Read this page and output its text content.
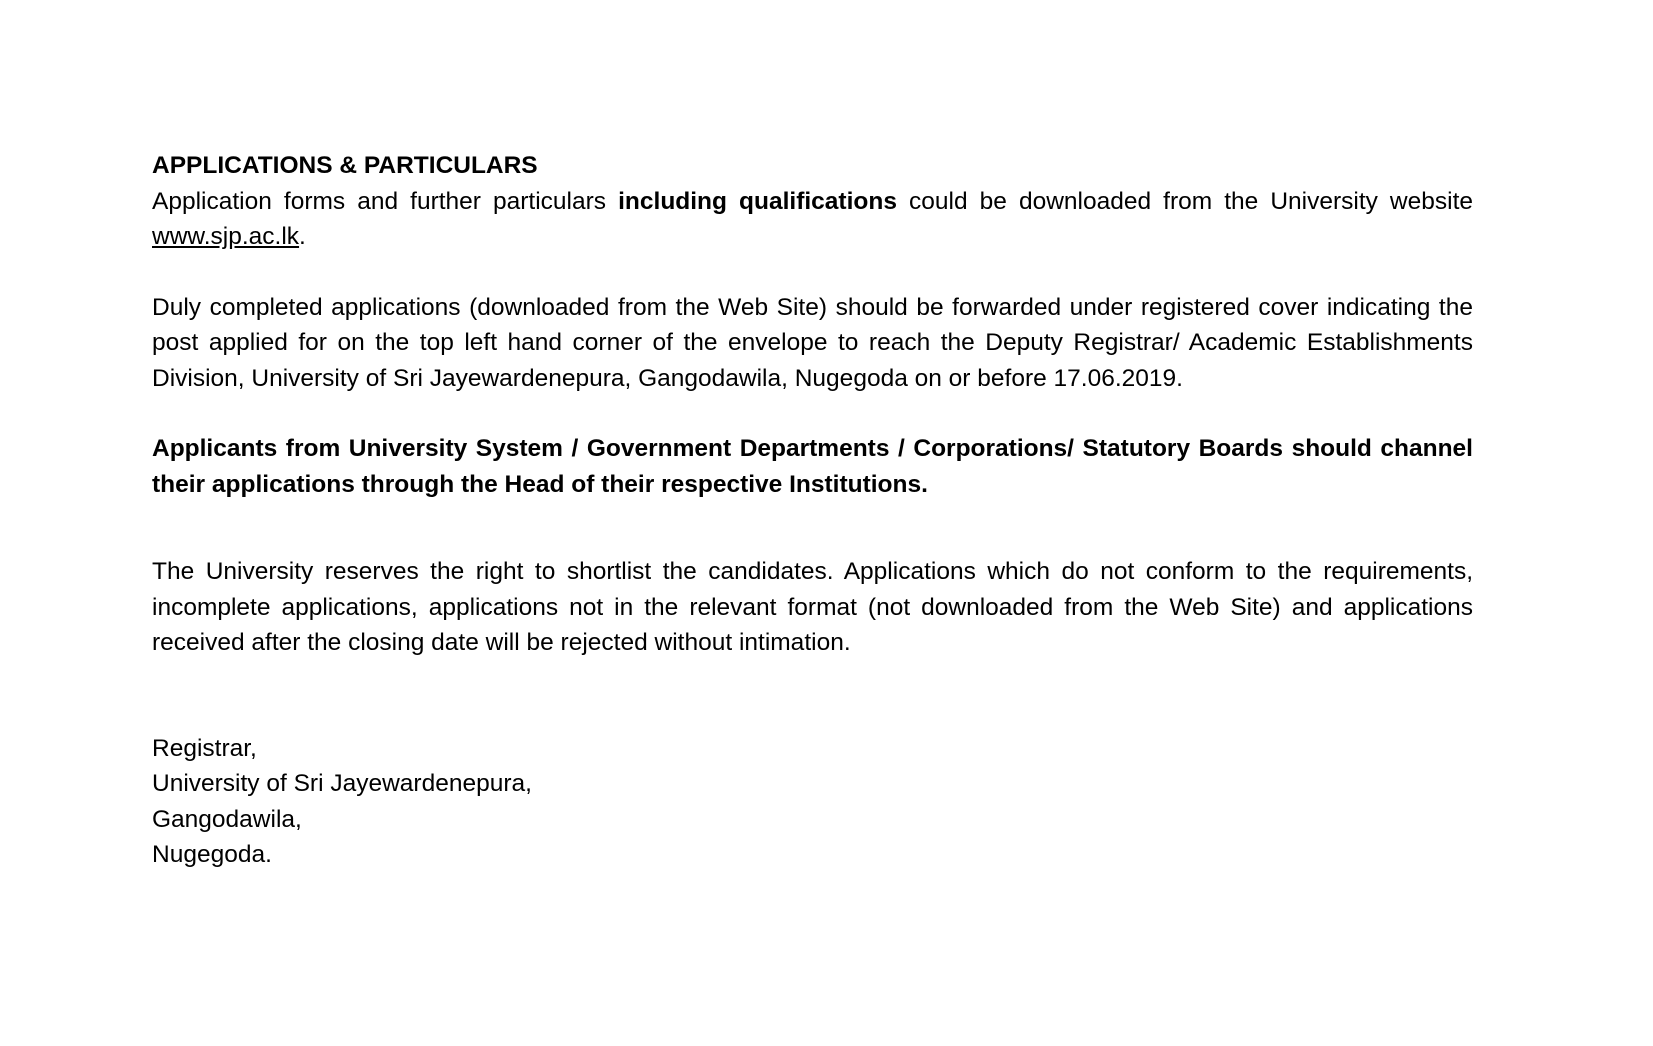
APPLICATIONS & PARTICULARS

Application forms and further particulars including qualifications could be downloaded from the University website www.sjp.ac.lk.

Duly completed applications (downloaded from the Web Site) should be forwarded under registered cover indicating the post applied for on the top left hand corner of the envelope to reach the Deputy Registrar/ Academic Establishments Division, University of Sri Jayewardenepura, Gangodawila, Nugegoda on or before 17.06.2019.

Applicants from University System / Government Departments / Corporations/ Statutory Boards should channel their applications through the Head of their respective Institutions.

The University reserves the right to shortlist the candidates. Applications which do not conform to the requirements, incomplete applications, applications not in the relevant format (not downloaded from the Web Site) and applications received after the closing date will be rejected without intimation.

Registrar,
University of Sri Jayewardenepura,
Gangodawila,
Nugegoda.
